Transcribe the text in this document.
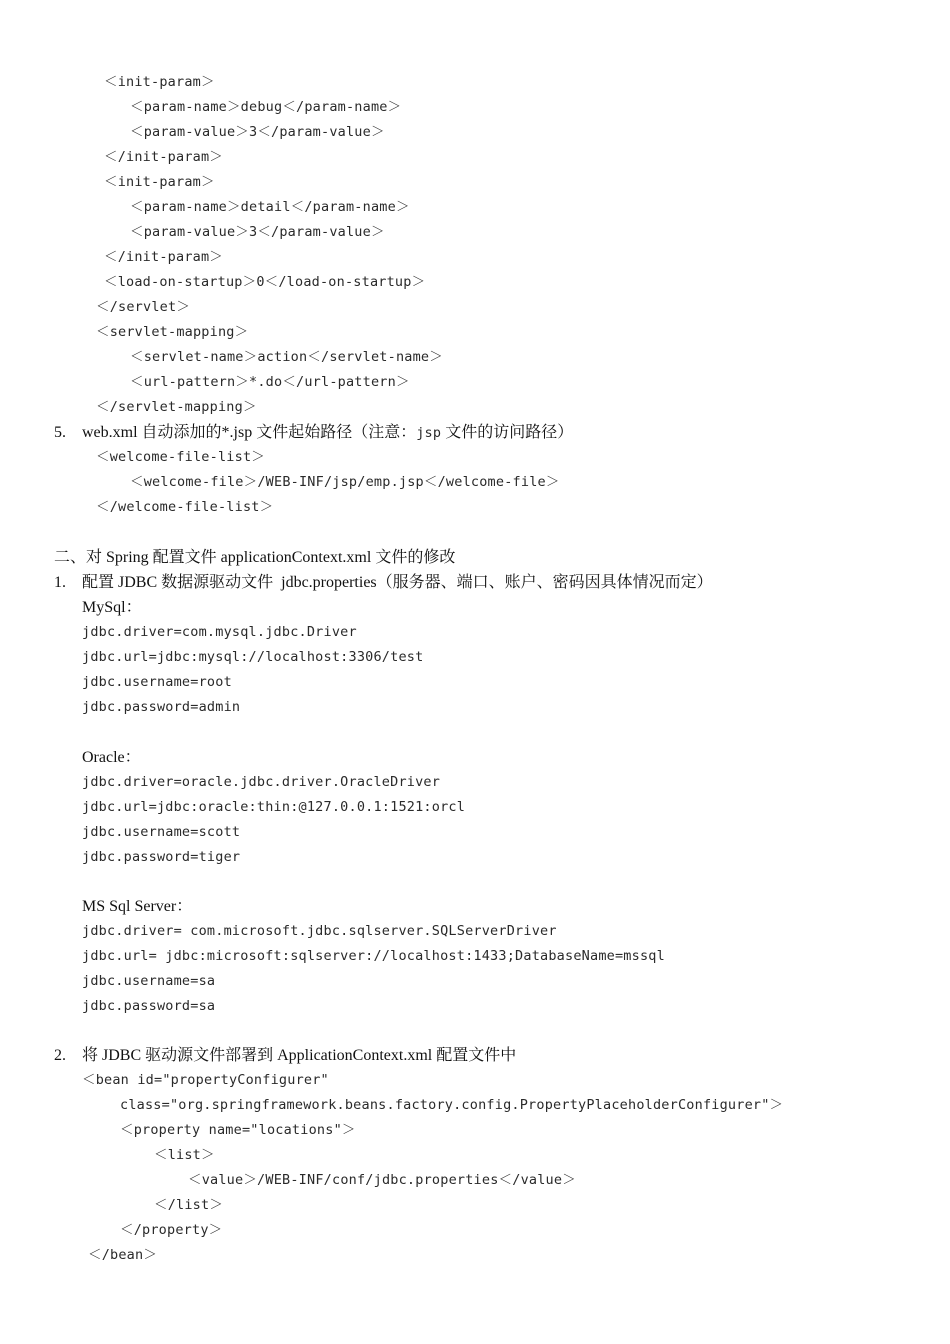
＜init-param＞
＜param-name＞debug＜/param-name＞
＜param-value＞3＜/param-value＞
＜/init-param＞
＜init-param＞
＜param-name＞detail＜/param-name＞
＜param-value＞3＜/param-value＞
＜/init-param＞
＜load-on-startup＞0＜/load-on-startup＞
＜/servlet＞
＜servlet-mapping＞
＜servlet-name＞action＜/servlet-name＞
＜url-pattern＞*.do＜/url-pattern＞
＜/servlet-mapping＞
5. web.xml 自动添加的*.jsp 文件起始路径（注意：jsp 文件的访问路径）
＜welcome-file-list＞
＜welcome-file＞/WEB-INF/jsp/emp.jsp＜/welcome-file＞
＜/welcome-file-list＞
二、对 Spring 配置文件 applicationContext.xml 文件的修改
1. 配置 JDBC 数据源驱动文件  jdbc.properties（服务器、端口、账户、密码因具体情况而定）
MySql：
jdbc.driver=com.mysql.jdbc.Driver
jdbc.url=jdbc:mysql://localhost:3306/test
jdbc.username=root
jdbc.password=admin
Oracle：
jdbc.driver=oracle.jdbc.driver.OracleDriver
jdbc.url=jdbc:oracle:thin:@127.0.0.1:1521:orcl
jdbc.username=scott
jdbc.password=tiger
MS Sql Server：
jdbc.driver= com.microsoft.jdbc.sqlserver.SQLServerDriver
jdbc.url= jdbc:microsoft:sqlserver://localhost:1433;DatabaseName=mssql
jdbc.username=sa
jdbc.password=sa
2. 将 JDBC 驱动源文件部署到 ApplicationContext.xml 配置文件中
＜bean id="propertyConfigurer"
class="org.springframework.beans.factory.config.PropertyPlaceholderConfigurer"＞
＜property name="locations"＞
＜list＞
＜value＞/WEB-INF/conf/jdbc.properties＜/value＞
＜/list＞
＜/property＞
＜/bean＞
